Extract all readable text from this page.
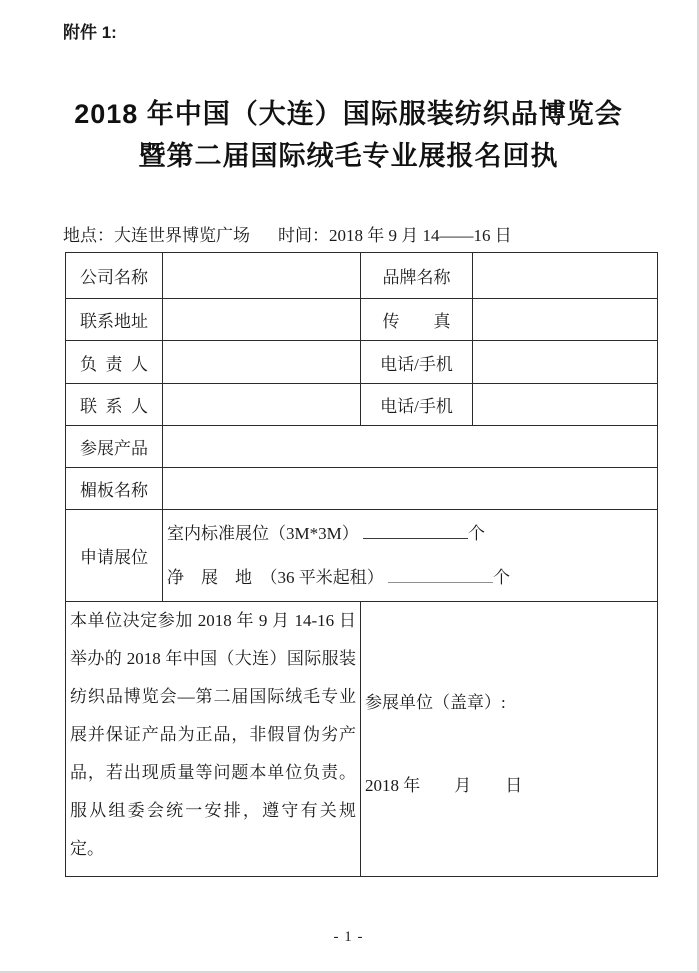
附件 1:
2018 年中国（大连）国际服装纺织品博览会
暨第二届国际绒毛专业展报名回执
地点：大连世界博览广场 时间：2018 年 9 月 14——16 日
公司名称		品牌名称	
联系地址		传　　真	
负 责 人		电话/手机	
联 系 人		电话/手机	
参展产品			
楣板名称			
申请展位	室内标准展位（3M*3M） 个
净　展　地　（36 平米起租） 个		

本单位决定参加 2018 年 9 月 14-16 日举办的 2018 年中国（大连）国际服装纺织品博览会—第二届国际绒毛专业展并保证产品为正品，非假冒伪劣产品，若出现质量等问题本单位负责。服从组委会统一安排，遵守有关规定。		参展单位（盖章）:
2018 年　　月　　日	
- 1 -
